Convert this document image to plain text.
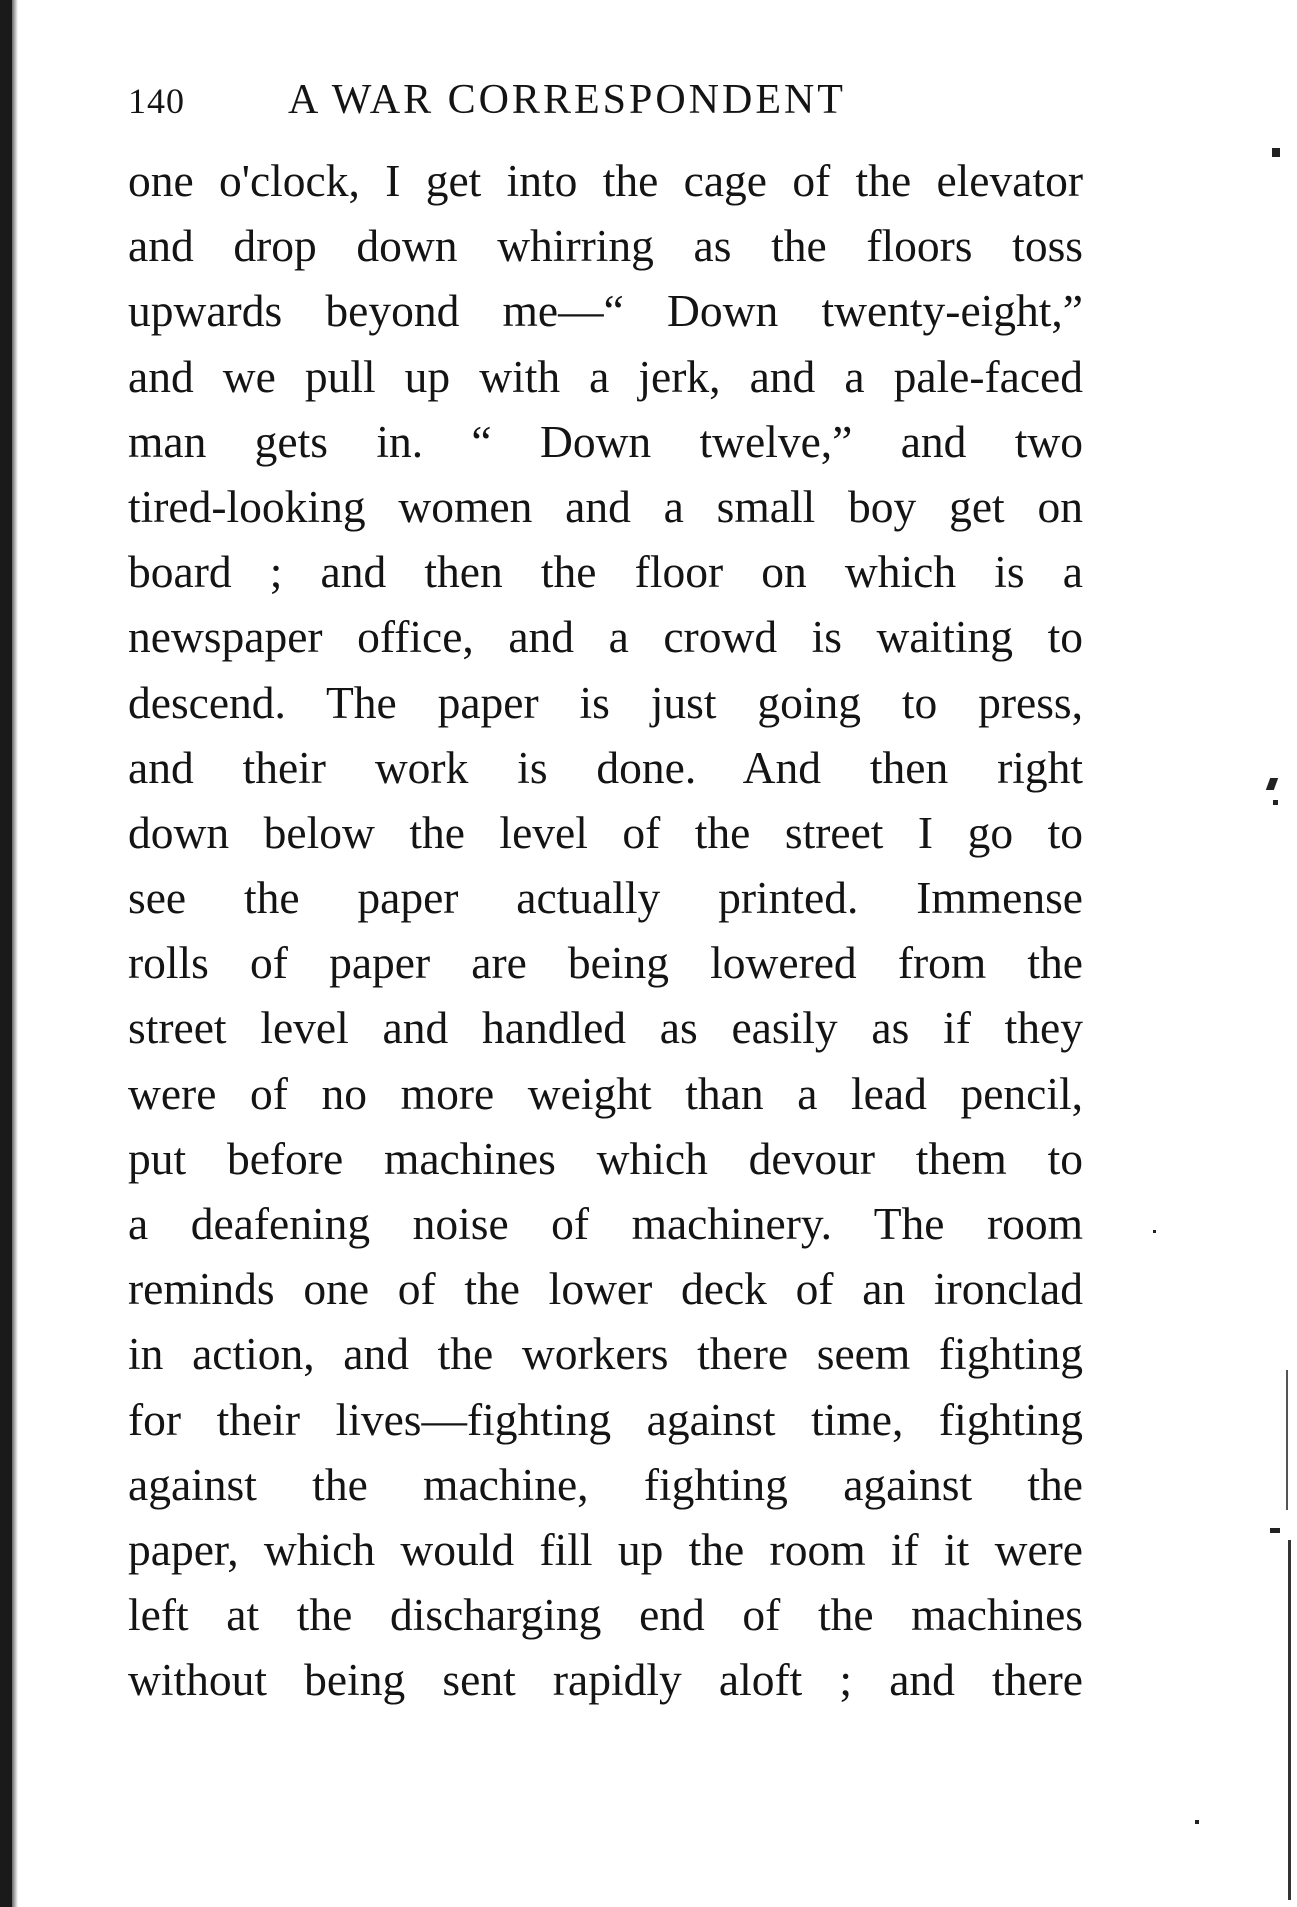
140	A WAR CORRESPONDENT
one o'clock, I get into the cage of the elevator
and drop down whirring as the floors toss
upwards beyond me—“ Down twenty-eight,”
and we pull up with a jerk, and a pale-faced
man gets in. “ Down twelve,” and two
tired-looking women and a small boy get on
board ; and then the floor on which is a
newspaper office, and a crowd is waiting to
descend. The paper is just going to press,
and their work is done. And then right
down below the level of the street I go to
see the paper actually printed. Immense
rolls of paper are being lowered from the
street level and handled as easily as if they
were of no more weight than a lead pencil,
put before machines which devour them to
a deafening noise of machinery. The room
reminds one of the lower deck of an ironclad
in action, and the workers there seem fighting
for their lives—fighting against time, fighting
against the machine, fighting against the
paper, which would fill up the room if it were
left at the discharging end of the machines
without being sent rapidly aloft ; and there
